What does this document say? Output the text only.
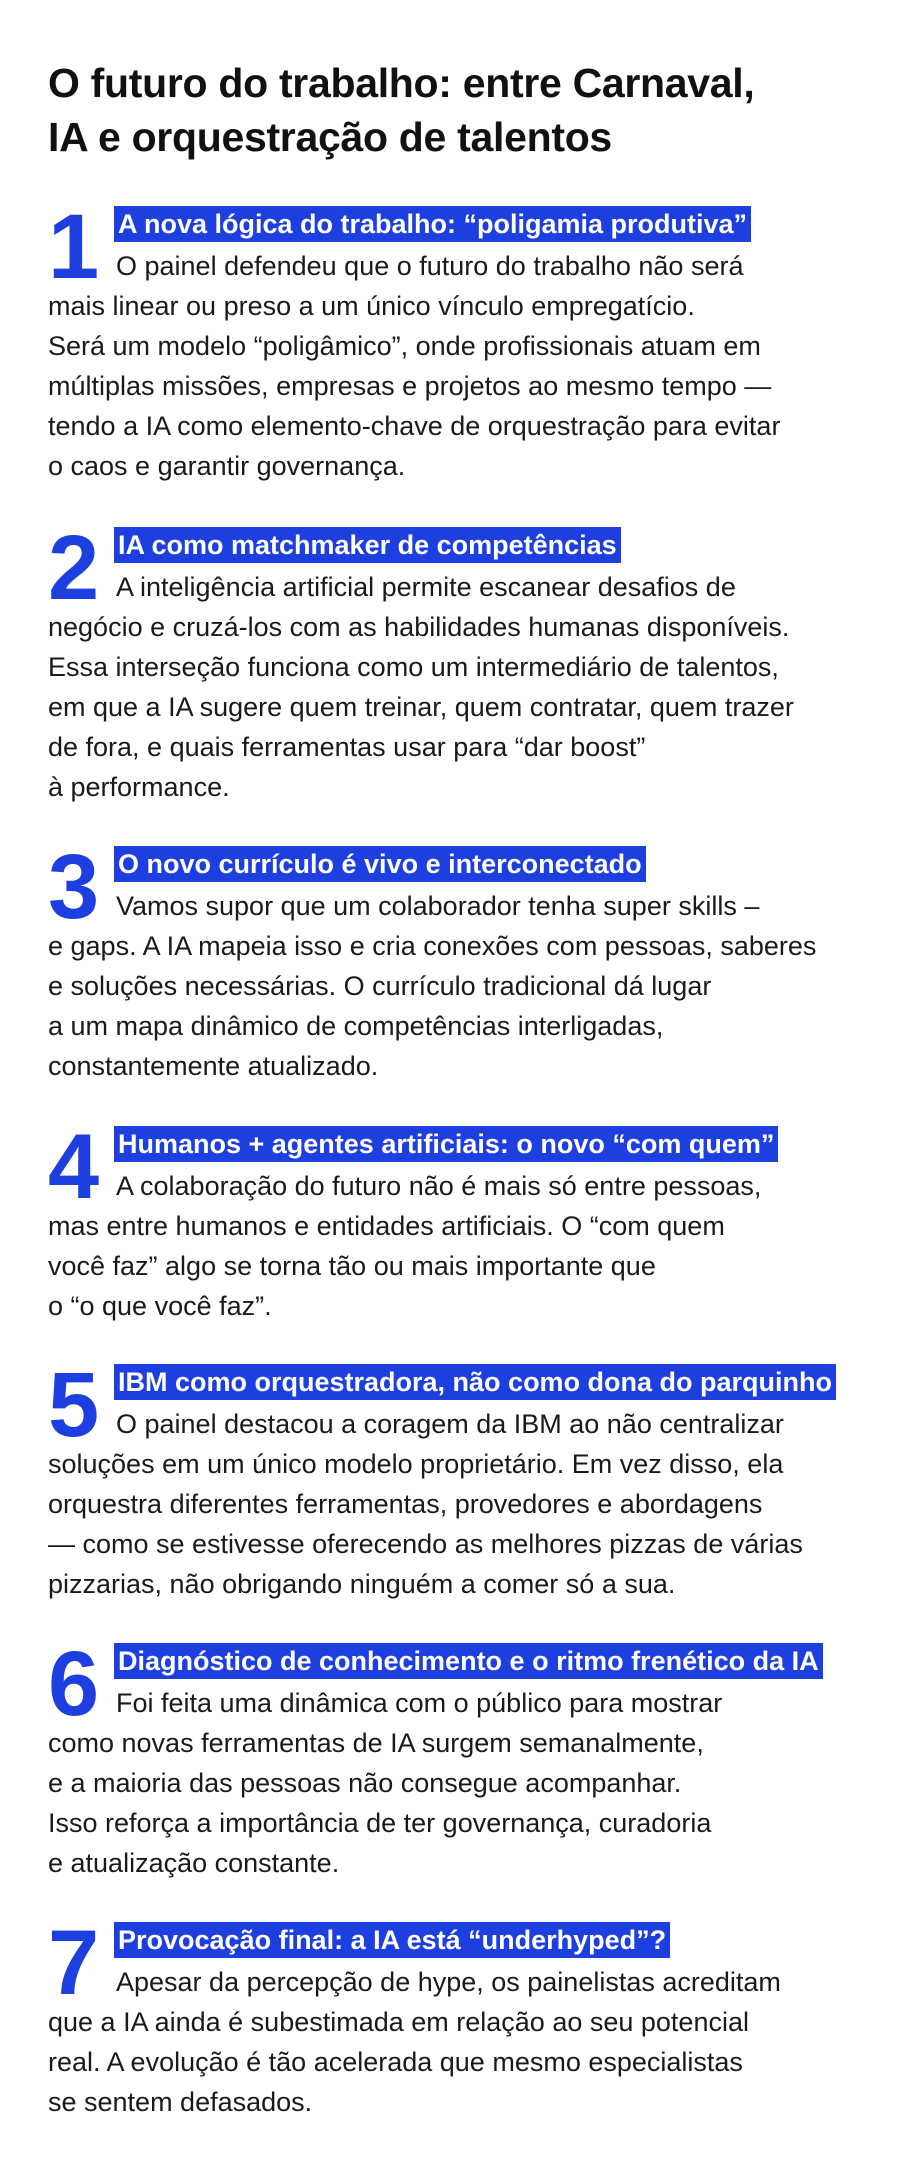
O futuro do trabalho: entre Carnaval,
IA e orquestração de talentos
1 A nova lógica do trabalho: “poligamia produtiva”
O painel defendeu que o futuro do trabalho não será
mais linear ou preso a um único vínculo empregatício.
Será um modelo “poligâmico”, onde profissionais atuam em
múltiplas missões, empresas e projetos ao mesmo tempo —
tendo a IA como elemento-chave de orquestração para evitar
o caos e garantir governança.
2 IA como matchmaker de competências
A inteligência artificial permite escanear desafios de
negócio e cruzá-los com as habilidades humanas disponíveis.
Essa interseção funciona como um intermediário de talentos,
em que a IA sugere quem treinar, quem contratar, quem trazer
de fora, e quais ferramentas usar para “dar boost”
à performance.
3 O novo currículo é vivo e interconectado
Vamos supor que um colaborador tenha super skills –
e gaps. A IA mapeia isso e cria conexões com pessoas, saberes
e soluções necessárias. O currículo tradicional dá lugar
a um mapa dinâmico de competências interligadas,
constantemente atualizado.
4 Humanos + agentes artificiais: o novo “com quem”
A colaboração do futuro não é mais só entre pessoas,
mas entre humanos e entidades artificiais. O “com quem
você faz” algo se torna tão ou mais importante que
o “o que você faz”.
5 IBM como orquestradora, não como dona do parquinho
O painel destacou a coragem da IBM ao não centralizar
soluções em um único modelo proprietário. Em vez disso, ela
orquestra diferentes ferramentas, provedores e abordagens
— como se estivesse oferecendo as melhores pizzas de várias
pizzarias, não obrigando ninguém a comer só a sua.
6 Diagnóstico de conhecimento e o ritmo frenético da IA
Foi feita uma dinâmica com o público para mostrar
como novas ferramentas de IA surgem semanalmente,
e a maioria das pessoas não consegue acompanhar.
Isso reforça a importância de ter governança, curadoria
e atualização constante.
7 Provocação final: a IA está “underhyped”?
Apesar da percepção de hype, os painelistas acreditam
que a IA ainda é subestimada em relação ao seu potencial
real. A evolução é tão acelerada que mesmo especialistas
se sentem defasados.
